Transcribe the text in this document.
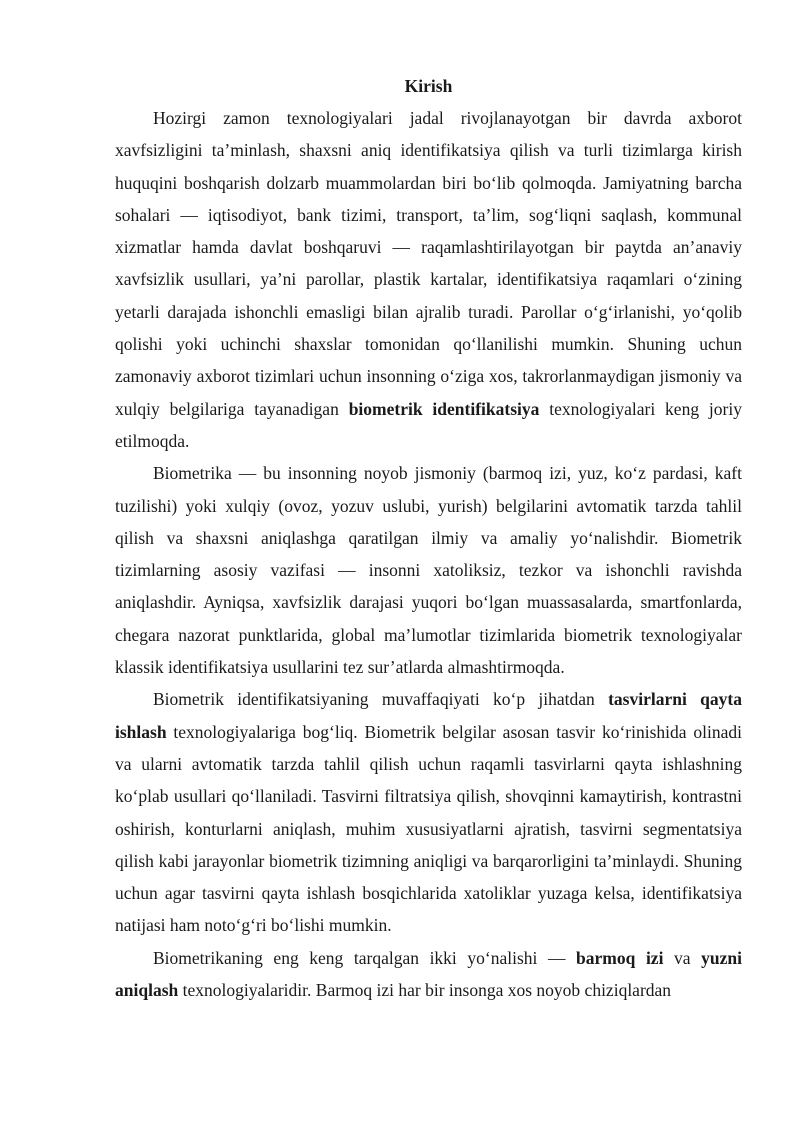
Kirish

Hozirgi zamon texnologiyalari jadal rivojlanayotgan bir davrda axborot xavfsizligini ta’minlash, shaxsni aniq identifikatsiya qilish va turli tizimlarga kirish huquqini boshqarish dolzarb muammolardan biri bo‘lib qolmoqda. Jamiyatning barcha sohalari — iqtisodiyot, bank tizimi, transport, ta’lim, sog‘liqni saqlash, kommunal xizmatlar hamda davlat boshqaruvi — raqamlashtirilayotgan bir paytda an’anaviy xavfsizlik usullari, ya’ni parollar, plastik kartalar, identifikatsiya raqamlari o‘zining yetarli darajada ishonchli emasligi bilan ajralib turadi. Parollar o‘g‘irlanishi, yo‘qolib qolishi yoki uchinchi shaxslar tomonidan qo‘llanilishi mumkin. Shuning uchun zamonaviy axborot tizimlari uchun insonning o‘ziga xos, takrorlanmaydigan jismoniy va xulqiy belgilariga tayanadigan biometrik identifikatsiya texnologiyalari keng joriy etilmoqda.

Biometrika — bu insonning noyob jismoniy (barmoq izi, yuz, ko‘z pardasi, kaft tuzilishi) yoki xulqiy (ovoz, yozuv uslubi, yurish) belgilarini avtomatik tarzda tahlil qilish va shaxsni aniqlashga qaratilgan ilmiy va amaliy yo‘nalishdir. Biometrik tizimlarning asosiy vazifasi — insonni xatoliksiz, tezkor va ishonchli ravishda aniqlashdir. Ayniqsa, xavfsizlik darajasi yuqori bo‘lgan muassasalarda, smartfonlarda, chegara nazorat punktlarida, global ma’lumotlar tizimlarida biometrik texnologiyalar klassik identifikatsiya usullarini tez sur’atlarda almashtirmoqda.

Biometrik identifikatsiyaning muvaffaqiyati ko‘p jihatdan tasvirlarni qayta ishlash texnologiyalariga bog‘liq. Biometrik belgilar asosan tasvir ko‘rinishida olinadi va ularni avtomatik tarzda tahlil qilish uchun raqamli tasvirlarni qayta ishlashning ko‘plab usullari qo‘llaniladi. Tasvirni filtratsiya qilish, shovqinni kamaytirish, kontrastni oshirish, konturlarni aniqlash, muhim xususiyatlarni ajratish, tasvirni segmentatsiya qilish kabi jarayonlar biometrik tizimning aniqligi va barqarorligini ta’minlaydi. Shuning uchun agar tasvirni qayta ishlash bosqichlarida xatoliklar yuzaga kelsa, identifikatsiya natijasi ham noto‘g‘ri bo‘lishi mumkin.

Biometrikaning eng keng tarqalgan ikki yo‘nalishi — barmoq izi va yuzni aniqlash texnologiyalaridir. Barmoq izi har bir insonga xos noyob chiziqlardan
